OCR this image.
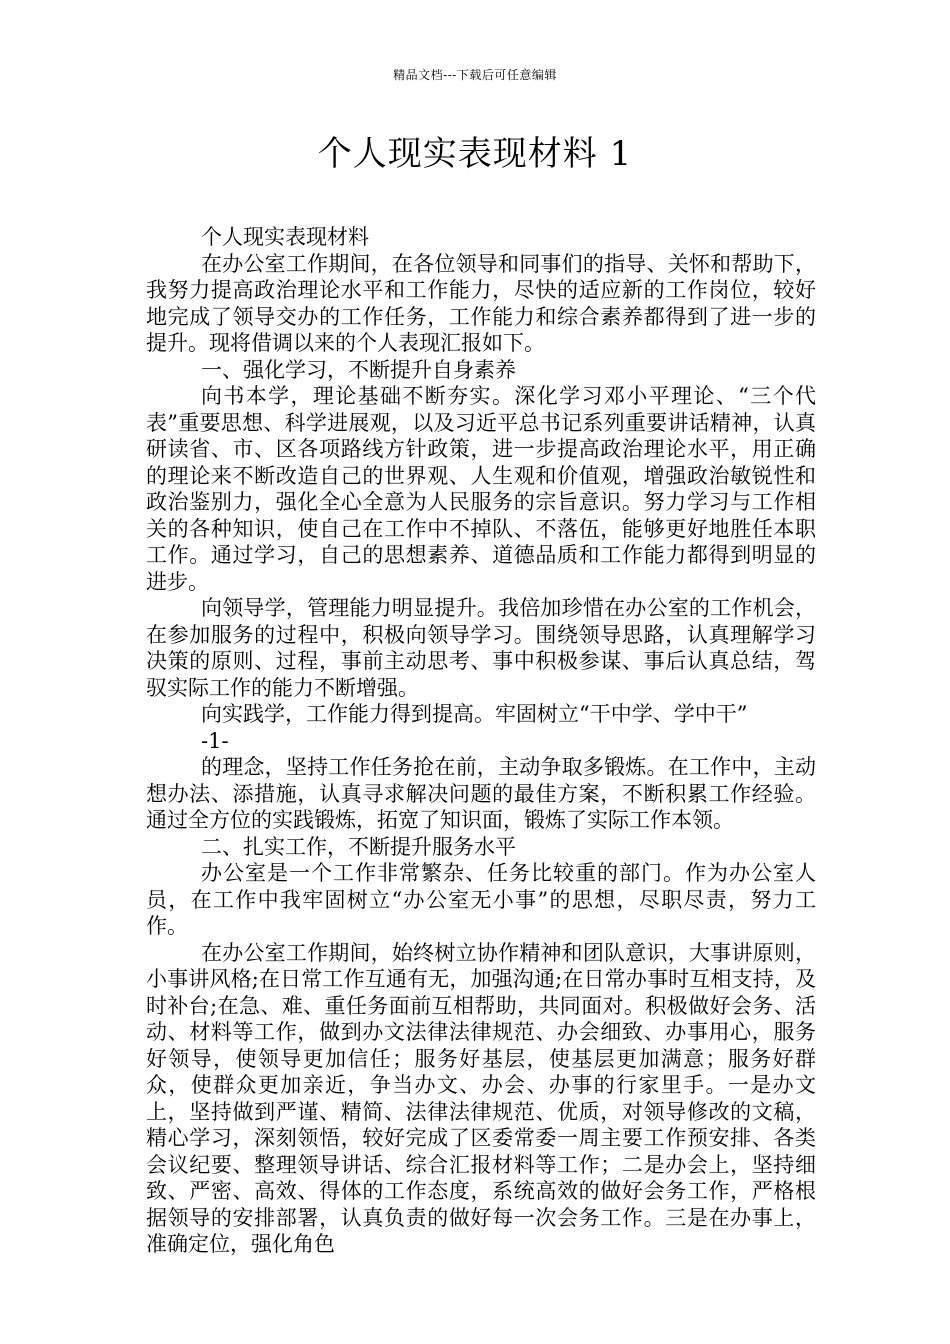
精品文档---下载后可任意编辑
个人现实表现材料 1

个人现实表现材料

在办公室工作期间，在各位领导和同事们的指导、关怀和帮助下，我努力提高政治理论水平和工作能力，尽快的适应新的工作岗位，较好地完成了领导交办的工作任务，工作能力和综合素养都得到了进一步的提升。现将借调以来的个人表现汇报如下。

一、强化学习，不断提升自身素养

向书本学，理论基础不断夯实。深化学习邓小平理论、“三个代表”重要思想、科学进展观，以及习近平总书记系列重要讲话精神，认真研读省、市、区各项路线方针政策，进一步提高政治理论水平，用正确的理论来不断改造自己的世界观、人生观和价值观，增强政治敏锐性和政治鉴别力，强化全心全意为人民服务的宗旨意识。努力学习与工作相关的各种知识，使自己在工作中不掉队、不落伍，能够更好地胜任本职工作。通过学习，自己的思想素养、道德品质和工作能力都得到明显的进步。

向领导学，管理能力明显提升。我倍加珍惜在办公室的工作机会，在参加服务的过程中，积极向领导学习。围绕领导思路，认真理解学习决策的原则、过程，事前主动思考、事中积极参谋、事后认真总结，驾驭实际工作的能力不断增强。

向实践学，工作能力得到提高。牢固树立“干中学、学中干”

-1-

的理念，坚持工作任务抢在前，主动争取多锻炼。在工作中，主动想办法、添措施，认真寻求解决问题的最佳方案，不断积累工作经验。通过全方位的实践锻炼，拓宽了知识面，锻炼了实际工作本领。

二、扎实工作，不断提升服务水平

办公室是一个工作非常繁杂、任务比较重的部门。作为办公室人员，在工作中我牢固树立“办公室无小事”的思想，尽职尽责，努力工作。

在办公室工作期间，始终树立协作精神和团队意识，大事讲原则，小事讲风格;在日常工作互通有无，加强沟通;在日常办事时互相支持，及时补台;在急、难、重任务面前互相帮助，共同面对。积极做好会务、活动、材料等工作，做到办文法律法律规范、办会细致、办事用心，服务好领导，使领导更加信任；服务好基层，使基层更加满意；服务好群众，使群众更加亲近，争当办文、办会、办事的行家里手。一是办文上，坚持做到严谨、精简、法律法律规范、优质，对领导修改的文稿，精心学习，深刻领悟，较好完成了区委常委一周主要工作预安排、各类会议纪要、整理领导讲话、综合汇报材料等工作；二是办会上，坚持细致、严密、高效、得体的工作态度，系统高效的做好会务工作，严格根据领导的安排部署，认真负责的做好每一次会务工作。三是在办事上，准确定位，强化角色
